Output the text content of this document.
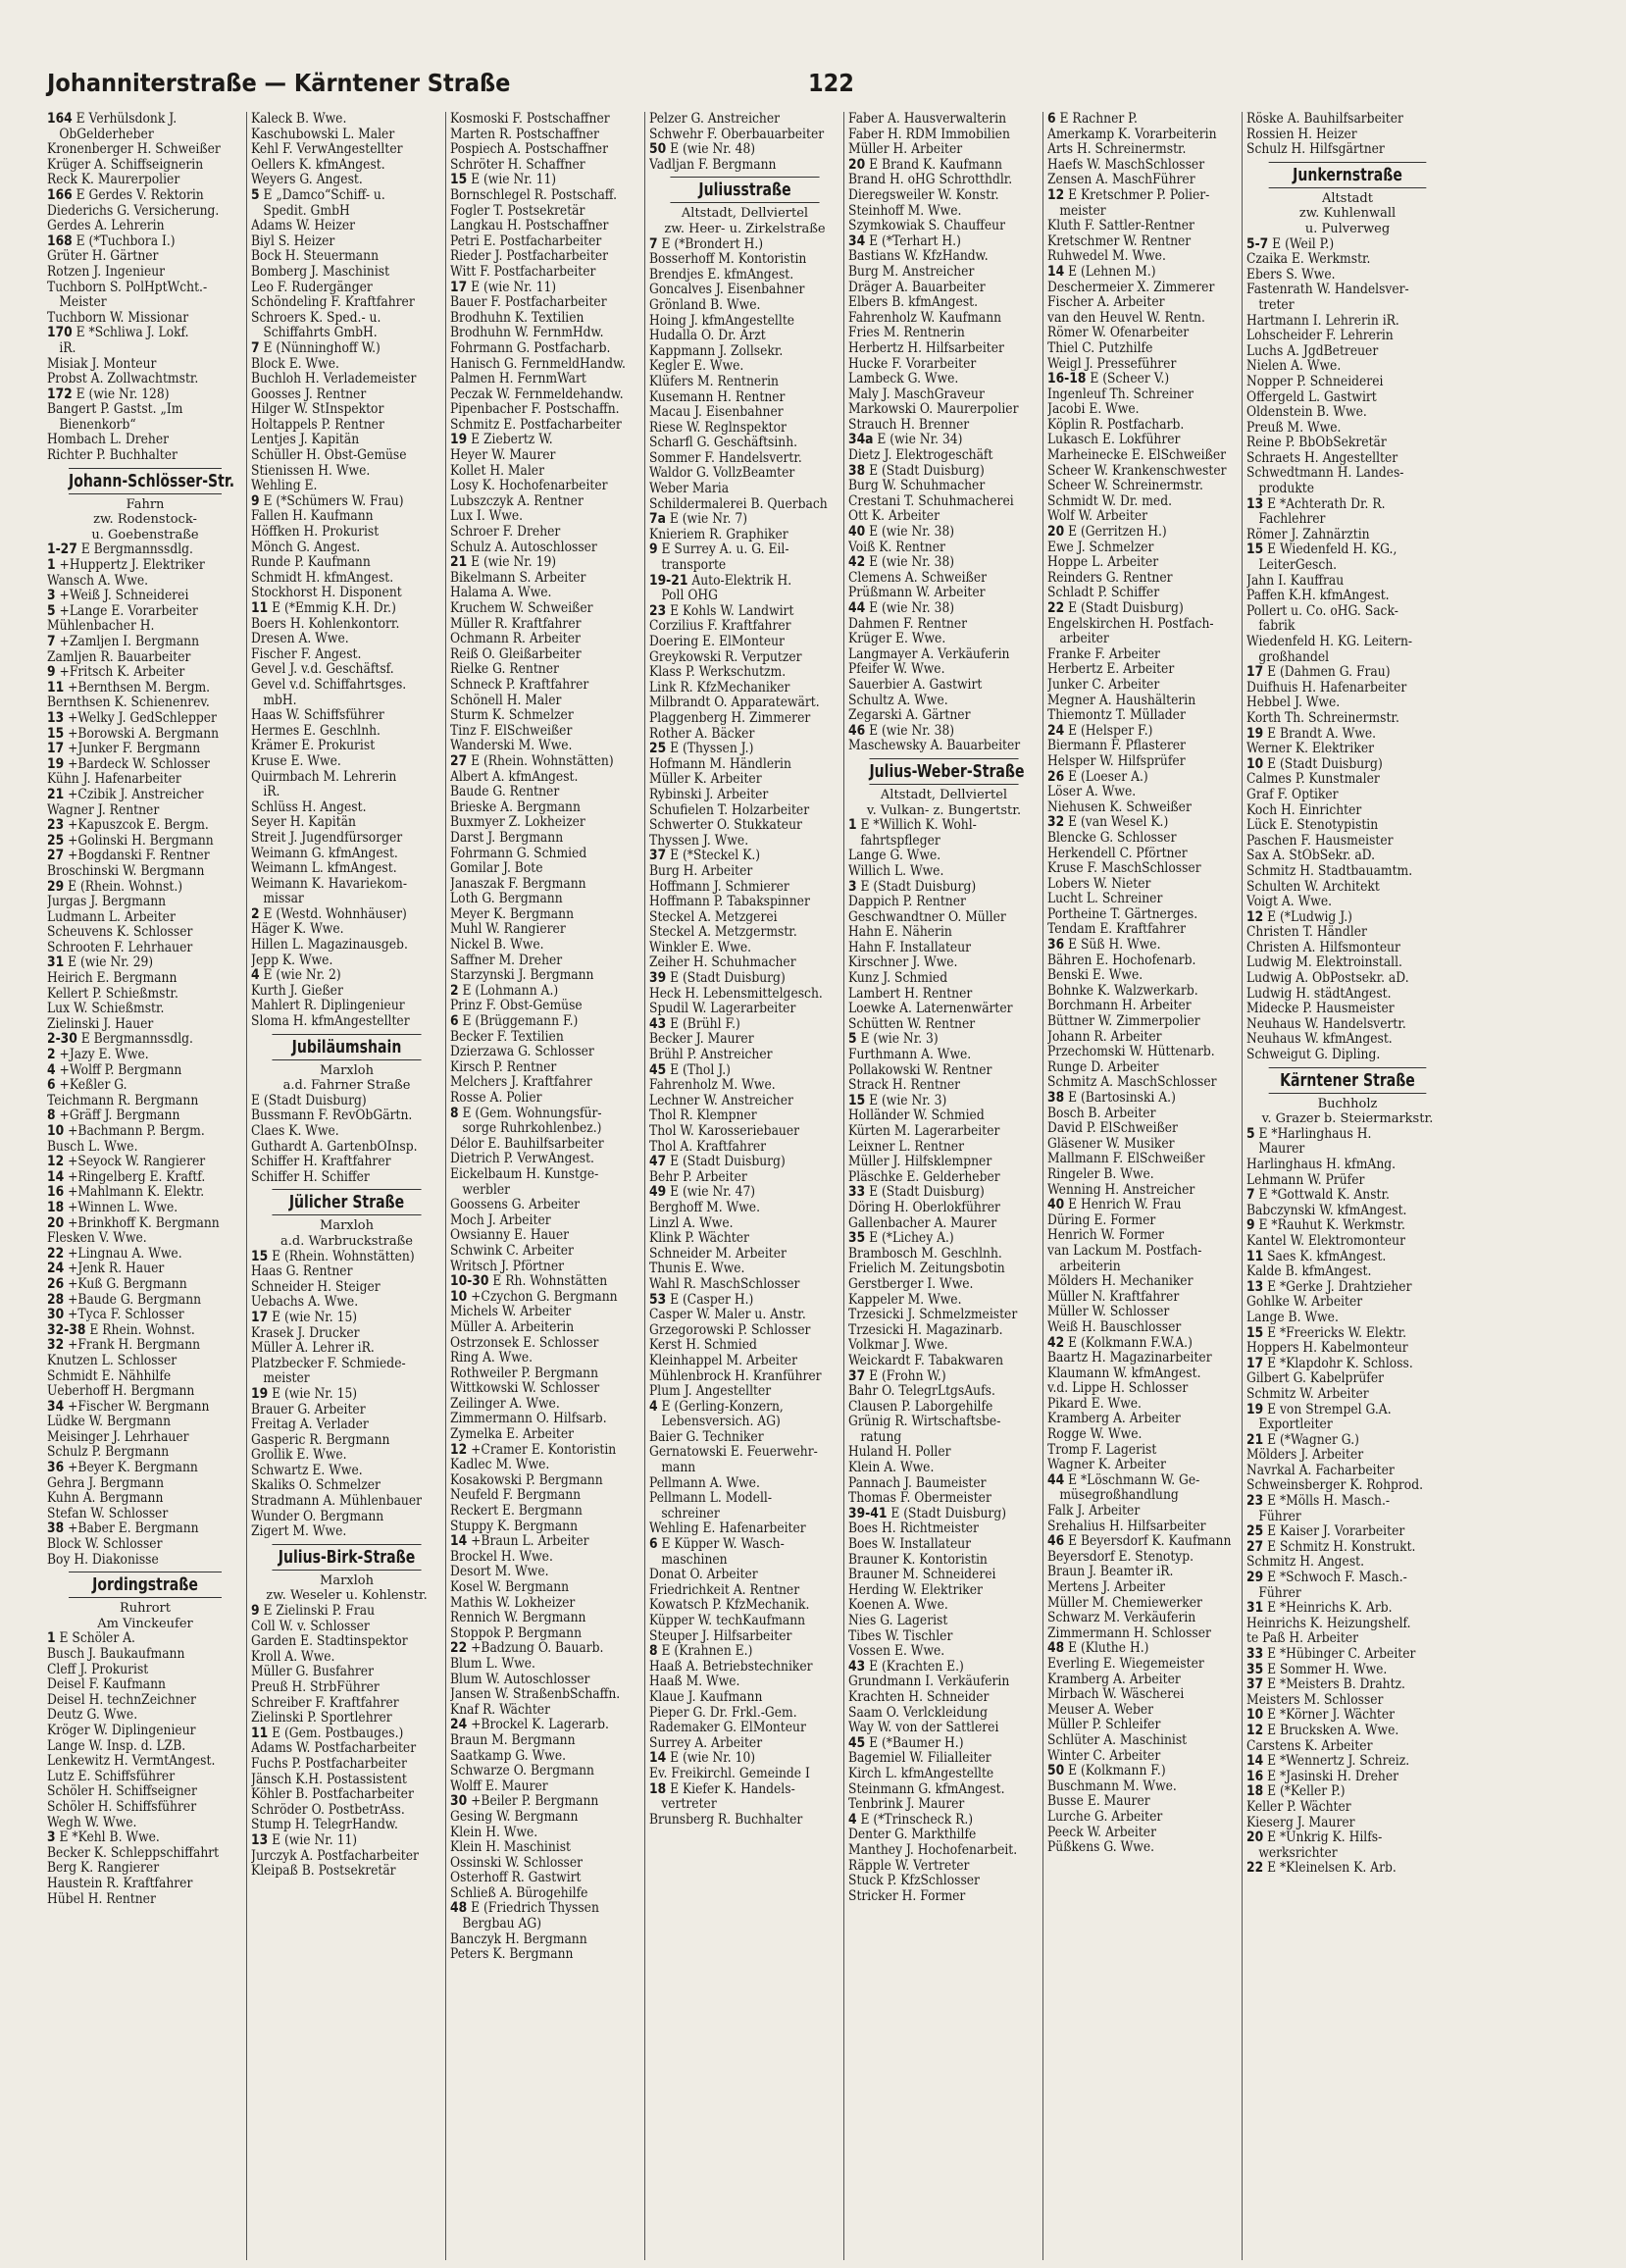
Johanniterstraße — Kärntener Straße	122
164 E Verhülsdonk J.
ObGelderheber
Kronenberger H. Schweißer
Krüger A. Schiffseignerin
Reck K. Maurerpolier
166 E Gerdes V. Rektorin
Diederichs G. Versicherung.
Gerdes A. Lehrerin
168 E (*Tuchbora I.)
Grüter H. Gärtner
Rotzen J. Ingenieur
Tuchborn S. PolHptWcht.-
Meister
Tuchborn W. Missionar
170 E *Schliwa J. Lokf.
iR.
Misiak J. Monteur
Probst A. Zollwachtmstr.
172 E (wie Nr. 128)
Bangert P. Gastst. „Im
Bienenkorb“
Hombach L. Dreher
Richter P. Buchhalter
Johann-Schlösser-Str.
Fahrn
zw. Rodenstock-
u. Goebenstraße
1-27 E Bergmannssdlg.
1 +Huppertz J. Elektriker
Wansch A. Wwe.
3 +Weiß J. Schneiderei
5 +Lange E. Vorarbeiter
Mühlenbacher H.
7 +Zamljen I. Bergmann
Zamljen R. Bauarbeiter
9 +Fritsch K. Arbeiter
11 +Bernthsen M. Bergm.
Bernthsen K. Schienenrev.
13 +Welky J. GedSchlepper
15 +Borowski A. Bergmann
17 +Junker F. Bergmann
19 +Bardeck W. Schlosser
Kühn J. Hafenarbeiter
21 +Czibik J. Anstreicher
Wagner J. Rentner
23 +Kapuszcok E. Bergm.
25 +Golinski H. Bergmann
27 +Bogdanski F. Rentner
Broschinski W. Bergmann
29 E (Rhein. Wohnst.)
Jurgas J. Bergmann
Ludmann L. Arbeiter
Scheuvens K. Schlosser
Schrooten F. Lehrhauer
31 E (wie Nr. 29)
Heirich E. Bergmann
Kellert P. Schießmstr.
Lux W. Schießmstr.
Zielinski J. Hauer
2-30 E Bergmannssdlg.
2 +Jazy E. Wwe.
4 +Wolff P. Bergmann
6 +Keßler G.
Teichmann R. Bergmann
8 +Gräff J. Bergmann
10 +Bachmann P. Bergm.
Busch L. Wwe.
12 +Seyock W. Rangierer
14 +Ringelberg E. Kraftf.
16 +Mahlmann K. Elektr.
18 +Winnen L. Wwe.
20 +Brinkhoff K. Bergmann
Flesken V. Wwe.
22 +Lingnau A. Wwe.
24 +Jenk R. Hauer
26 +Kuß G. Bergmann
28 +Baude G. Bergmann
30 +Tyca F. Schlosser
32-38 E Rhein. Wohnst.
32 +Frank H. Bergmann
Knutzen L. Schlosser
Schmidt E. Nähhilfe
Ueberhoff H. Bergmann
34 +Fischer W. Bergmann
Lüdke W. Bergmann
Meisinger J. Lehrhauer
Schulz P. Bergmann
36 +Beyer K. Bergmann
Gehra J. Bergmann
Kuhn A. Bergmann
Stefan W. Schlosser
38 +Baber E. Bergmann
Block W. Schlosser
Boy H. Diakonisse
Jordingstraße
Ruhrort
Am Vinckeufer
1 E Schöler A.
Busch J. Baukaufmann
Cleff J. Prokurist
Deisel F. Kaufmann
Deisel H. technZeichner
Deutz G. Wwe.
Kröger W. Diplingenieur
Lange W. Insp. d. LZB.
Lenkewitz H. VermtAngest.
Lutz E. Schiffsführer
Schöler H. Schiffseigner
Schöler H. Schiffsführer
Wegh W. Wwe.
3 E *Kehl B. Wwe.
Becker K. Schleppschiffahrt
Berg K. Rangierer
Haustein R. Kraftfahrer
Hübel H. Rentner
Kaleck B. Wwe.
Kaschubowski L. Maler
Kehl F. VerwAngestellter
Oellers K. kfmAngest.
Weyers G. Angest.
5 E „Damco“Schiff- u.
Spedit. GmbH
Adams W. Heizer
Biyl S. Heizer
Bock H. Steuermann
Bomberg J. Maschinist
Leo F. Rudergänger
Schöndeling F. Kraftfahrer
Schroers K. Sped.- u.
Schiffahrts GmbH.
7 E (Nünninghoff W.)
Block E. Wwe.
Buchloh H. Verlademeister
Goosses J. Rentner
Hilger W. StInspektor
Holtappels P. Rentner
Lentjes J. Kapitän
Schüller H. Obst-Gemüse
Stienissen H. Wwe.
Wehling E.
9 E (*Schümers W. Frau)
Fallen H. Kaufmann
Höffken H. Prokurist
Mönch G. Angest.
Runde P. Kaufmann
Schmidt H. kfmAngest.
Stockhorst H. Disponent
11 E (*Emmig K.H. Dr.)
Boers H. Kohlenkontorr.
Dresen A. Wwe.
Fischer F. Angest.
Gevel J. v.d. Geschäftsf.
Gevel v.d. Schiffahrtsges.
mbH.
Haas W. Schiffsführer
Hermes E. Geschlnh.
Krämer E. Prokurist
Kruse E. Wwe.
Quirmbach M. Lehrerin
iR.
Schlüss H. Angest.
Seyer H. Kapitän
Streit J. Jugendfürsorger
Weimann G. kfmAngest.
Weimann L. kfmAngest.
Weimann K. Havariekom-
missar
2 E (Westd. Wohnhäuser)
Häger K. Wwe.
Hillen L. Magazinausgeb.
Jepp K. Wwe.
4 E (wie Nr. 2)
Kurth J. Gießer
Mahlert R. Diplingenieur
Sloma H. kfmAngestellter
Jubiläumshain
Marxloh
a.d. Fahrner Straße
E (Stadt Duisburg)
Bussmann F. RevObGärtn.
Claes K. Wwe.
Guthardt A. GartenbOInsp.
Schiffer H. Kraftfahrer
Schiffer H. Schiffer
Jülicher Straße
Marxloh
a.d. Warbruckstraße
15 E (Rhein. Wohnstätten)
Haas G. Rentner
Schneider H. Steiger
Uebachs A. Wwe.
17 E (wie Nr. 15)
Krasek J. Drucker
Müller A. Lehrer iR.
Platzbecker F. Schmiede-
meister
19 E (wie Nr. 15)
Brauer G. Arbeiter
Freitag A. Verlader
Gasperic R. Bergmann
Grollik E. Wwe.
Schwartz E. Wwe.
Skaliks O. Schmelzer
Stradmann A. Mühlenbauer
Wunder O. Bergmann
Zigert M. Wwe.
Julius-Birk-Straße
Marxloh
zw. Weseler u. Kohlenstr.
9 E Zielinski P. Frau
Coll W. v. Schlosser
Garden E. Stadtinspektor
Kroll A. Wwe.
Müller G. Busfahrer
Preuß H. StrbFührer
Schreiber F. Kraftfahrer
Zielinski P. Sportlehrer
11 E (Gem. Postbauges.)
Adams W. Postfacharbeiter
Fuchs P. Postfacharbeiter
Jänsch K.H. Postassistent
Köhler B. Postfacharbeiter
Schröder O. PostbetrAss.
Stump H. TelegrHandw.
13 E (wie Nr. 11)
Jurczyk A. Postfacharbeiter
Kleipaß B. Postsekretär
Kosmoski F. Postschaffner
Marten R. Postschaffner
Pospiech A. Postschaffner
Schröter H. Schaffner
15 E (wie Nr. 11)
Bornschlegel R. Postschaff.
Fogler T. Postsekretär
Langkau H. Postschaffner
Petri E. Postfacharbeiter
Rieder J. Postfacharbeiter
Witt F. Postfacharbeiter
17 E (wie Nr. 11)
Bauer F. Postfacharbeiter
Brodhuhn K. Textilien
Brodhuhn W. FernmHdw.
Fohrmann G. Postfacharb.
Hanisch G. FernmeldHandw.
Palmen H. FernmWart
Peczak W. Fernmeldehandw.
Pipenbacher F. Postschaffn.
Schmitz E. Postfacharbeiter
19 E Ziebertz W.
Heyer W. Maurer
Kollet H. Maler
Losy K. Hochofenarbeiter
Lubszczyk A. Rentner
Lux I. Wwe.
Schroer F. Dreher
Schulz A. Autoschlosser
21 E (wie Nr. 19)
Bikelmann S. Arbeiter
Halama A. Wwe.
Kruchem W. Schweißer
Müller R. Kraftfahrer
Ochmann R. Arbeiter
Reiß O. Gleißarbeiter
Rielke G. Rentner
Schneck P. Kraftfahrer
Schönell H. Maler
Sturm K. Schmelzer
Tinz F. ElSchweißer
Wanderski M. Wwe.
27 E (Rhein. Wohnstätten)
Albert A. kfmAngest.
Baude G. Rentner
Brieske A. Bergmann
Buxmyer Z. Lokheizer
Darst J. Bergmann
Fohrmann G. Schmied
Gomilar J. Bote
Janaszak F. Bergmann
Loth G. Bergmann
Meyer K. Bergmann
Muhl W. Rangierer
Nickel B. Wwe.
Saffner M. Dreher
Starzynski J. Bergmann
2 E (Lohmann A.)
Prinz F. Obst-Gemüse
6 E (Brüggemann F.)
Becker F. Textilien
Dzierzawa G. Schlosser
Kirsch P. Rentner
Melchers J. Kraftfahrer
Rosse A. Polier
8 E (Gem. Wohnungsfür-
sorge Ruhrkohlenbez.)
Délor E. Bauhilfsarbeiter
Dietrich P. VerwAngest.
Eickelbaum H. Kunstge-
werbler
Goossens G. Arbeiter
Moch J. Arbeiter
Owsianny E. Hauer
Schwink C. Arbeiter
Writsch J. Pförtner
10-30 E Rh. Wohnstätten
10 +Czychon G. Bergmann
Michels W. Arbeiter
Müller A. Arbeiterin
Ostrzonsek E. Schlosser
Ring A. Wwe.
Rothweiler P. Bergmann
Wittkowski W. Schlosser
Zeilinger A. Wwe.
Zimmermann O. Hilfsarb.
Zymelka E. Arbeiter
12 +Cramer E. Kontoristin
Kadlec M. Wwe.
Kosakowski P. Bergmann
Neufeld F. Bergmann
Reckert E. Bergmann
Stuppy K. Bergmann
14 +Braun L. Arbeiter
Brockel H. Wwe.
Desort M. Wwe.
Kosel W. Bergmann
Mathis W. Lokheizer
Rennich W. Bergmann
Stoppok P. Bergmann
22 +Badzung O. Bauarb.
Blum L. Wwe.
Blum W. Autoschlosser
Jansen W. StraßenbSchaffn.
Knaf R. Wächter
24 +Brockel K. Lagerarb.
Braun M. Bergmann
Saatkamp G. Wwe.
Schwarze O. Bergmann
Wolff E. Maurer
30 +Beiler P. Bergmann
Gesing W. Bergmann
Klein H. Wwe.
Klein H. Maschinist
Ossinski W. Schlosser
Osterhoff R. Gastwirt
Schließ A. Bürogehilfe
48 E (Friedrich Thyssen
Bergbau AG)
Banczyk H. Bergmann
Peters K. Bergmann
Pelzer G. Anstreicher
Schwehr F. Oberbauarbeiter
50 E (wie Nr. 48)
Vadljan F. Bergmann
Juliusstraße
Altstadt, Dellviertel
zw. Heer- u. Zirkelstraße
7 E (*Brondert H.)
Bosserhoff M. Kontoristin
Brendjes E. kfmAngest.
Goncalves J. Eisenbahner
Grönland B. Wwe.
Hoing J. kfmAngestellte
Hudalla O. Dr. Arzt
Kappmann J. Zollsekr.
Kegler E. Wwe.
Klüfers M. Rentnerin
Kusemann H. Rentner
Macau J. Eisenbahner
Riese W. Reglnspektor
Scharfl G. Geschäftsinh.
Sommer F. Handelsvertr.
Waldor G. VollzBeamter
Weber Maria
Schildermalerei B. Querbach
7a E (wie Nr. 7)
Knieriem R. Graphiker
9 E Surrey A. u. G. Eil-
transporte
19-21 Auto-Elektrik H.
Poll OHG
23 E Kohls W. Landwirt
Corzilius F. Kraftfahrer
Doering E. ElMonteur
Greykowski R. Verputzer
Klass P. Werkschutzm.
Link R. KfzMechaniker
Milbrandt O. Apparatewärt.
Plaggenberg H. Zimmerer
Rother A. Bäcker
25 E (Thyssen J.)
Hofmann M. Händlerin
Müller K. Arbeiter
Rybinski J. Arbeiter
Schufielen T. Holzarbeiter
Schwerter O. Stukkateur
Thyssen J. Wwe.
37 E (*Steckel K.)
Burg H. Arbeiter
Hoffmann J. Schmierer
Hoffmann P. Tabakspinner
Steckel A. Metzgerei
Steckel A. Metzgermstr.
Winkler E. Wwe.
Zeiher H. Schuhmacher
39 E (Stadt Duisburg)
Heck H. Lebensmittelgesch.
Spudil W. Lagerarbeiter
43 E (Brühl F.)
Becker J. Maurer
Brühl P. Anstreicher
45 E (Thol J.)
Fahrenholz M. Wwe.
Lechner W. Anstreicher
Thol R. Klempner
Thol W. Karosseriebauer
Thol A. Kraftfahrer
47 E (Stadt Duisburg)
Behr P. Arbeiter
49 E (wie Nr. 47)
Berghoff M. Wwe.
Linzl A. Wwe.
Klink P. Wächter
Schneider M. Arbeiter
Thunis E. Wwe.
Wahl R. MaschSchlosser
53 E (Casper H.)
Casper W. Maler u. Anstr.
Grzegorowski P. Schlosser
Kerst H. Schmied
Kleinhappel M. Arbeiter
Mühlenbrock H. Kranführer
Plum J. Angestellter
4 E (Gerling-Konzern,
Lebensversich. AG)
Baier G. Techniker
Gernatowski E. Feuerwehr-
mann
Pellmann A. Wwe.
Pellmann L. Modell-
schreiner
Wehling E. Hafenarbeiter
6 E Küpper W. Wasch-
maschinen
Donat O. Arbeiter
Friedrichkeit A. Rentner
Kowatsch P. KfzMechanik.
Küpper W. techKaufmann
Steuper J. Hilfsarbeiter
8 E (Krahnen E.)
Haaß A. Betriebstechniker
Haaß M. Wwe.
Klaue J. Kaufmann
Pieper G. Dr. Frkl.-Gem.
Rademaker G. ElMonteur
Surrey A. Arbeiter
14 E (wie Nr. 10)
Ev. Freikirchl. Gemeinde I
18 E Kiefer K. Handels-
vertreter
Brunsberg R. Buchhalter
Faber A. Hausverwalterin
Faber H. RDM Immobilien
Müller H. Arbeiter
20 E Brand K. Kaufmann
Brand H. oHG Schrotthdlr.
Dieregsweiler W. Konstr.
Steinhoff M. Wwe.
Szymkowiak S. Chauffeur
34 E (*Terhart H.)
Bastians W. KfzHandw.
Burg M. Anstreicher
Dräger A. Bauarbeiter
Elbers B. kfmAngest.
Fahrenholz W. Kaufmann
Fries M. Rentnerin
Herbertz H. Hilfsarbeiter
Hucke F. Vorarbeiter
Lambeck G. Wwe.
Maly J. MaschGraveur
Markowski O. Maurerpolier
Strauch H. Brenner
34a E (wie Nr. 34)
Dietz J. Elektrogeschäft
38 E (Stadt Duisburg)
Burg W. Schuhmacher
Crestani T. Schuhmacherei
Ott K. Arbeiter
40 E (wie Nr. 38)
Voiß K. Rentner
42 E (wie Nr. 38)
Clemens A. Schweißer
Prüßmann W. Arbeiter
44 E (wie Nr. 38)
Dahmen F. Rentner
Krüger E. Wwe.
Langmayer A. Verkäuferin
Pfeifer W. Wwe.
Sauerbier A. Gastwirt
Schultz A. Wwe.
Zegarski A. Gärtner
46 E (wie Nr. 38)
Maschewsky A. Bauarbeiter
Julius-Weber-Straße
Altstadt, Dellviertel
v. Vulkan- z. Bungertstr.
1 E *Willich K. Wohl-
fahrtspfleger
Lange G. Wwe.
Willich L. Wwe.
3 E (Stadt Duisburg)
Dappich P. Rentner
Geschwandtner O. Müller
Hahn E. Näherin
Hahn F. Installateur
Kirschner J. Wwe.
Kunz J. Schmied
Lambert H. Rentner
Loewke A. Laternenwärter
Schütten W. Rentner
5 E (wie Nr. 3)
Furthmann A. Wwe.
Pollakowski W. Rentner
Strack H. Rentner
15 E (wie Nr. 3)
Holländer W. Schmied
Kürten M. Lagerarbeiter
Leixner L. Rentner
Müller J. Hilfsklempner
Pläschke E. Gelderheber
33 E (Stadt Duisburg)
Döring H. Oberlokführer
Gallenbacher A. Maurer
35 E (*Lichey A.)
Brambosch M. Geschlnh.
Frielich M. Zeitungsbotin
Gerstberger I. Wwe.
Kappeler M. Wwe.
Trzesicki J. Schmelzmeister
Trzesicki H. Magazinarb.
Volkmar J. Wwe.
Weickardt F. Tabakwaren
37 E (Frohn W.)
Bahr O. TelegrLtgsAufs.
Clausen P. Laborgehilfe
Grünig R. Wirtschaftsbe-
ratung
Huland H. Poller
Klein A. Wwe.
Pannach J. Baumeister
Thomas F. Obermeister
39-41 E (Stadt Duisburg)
Boes H. Richtmeister
Boes W. Installateur
Brauner K. Kontoristin
Brauner M. Schneiderei
Herding W. Elektriker
Koenen A. Wwe.
Nies G. Lagerist
Tibes W. Tischler
Vossen E. Wwe.
43 E (Krachten E.)
Grundmann I. Verkäuferin
Krachten H. Schneider
Saam O. Verlckleidung
Way W. von der Sattlerei
45 E (*Baumer H.)
Bagemiel W. Filialleiter
Kirch L. kfmAngestellte
Steinmann G. kfmAngest.
Tenbrink J. Maurer
4 E (*Trinscheck R.)
Denter G. Markthilfe
Manthey J. Hochofenarbeit.
Räpple W. Vertreter
Stuck P. KfzSchlosser
Stricker H. Former
6 E Rachner P.
Amerkamp K. Vorarbeiterin
Arts H. Schreinermstr.
Haefs W. MaschSchlosser
Zensen A. MaschFührer
12 E Kretschmer P. Polier-
meister
Kluth F. Sattler-Rentner
Kretschmer W. Rentner
Ruhwedel M. Wwe.
14 E (Lehnen M.)
Deschermeier X. Zimmerer
Fischer A. Arbeiter
van den Heuvel W. Rentn.
Römer W. Ofenarbeiter
Thiel C. Putzhilfe
Weigl J. Presseführer
16-18 E (Scheer V.)
Ingenleuf Th. Schreiner
Jacobi E. Wwe.
Köplin R. Postfacharb.
Lukasch E. Lokführer
Marheinecke E. ElSchweißer
Scheer W. Krankenschwester
Scheer W. Schreinermstr.
Schmidt W. Dr. med.
Wolf W. Arbeiter
20 E (Gerritzen H.)
Ewe J. Schmelzer
Hoppe L. Arbeiter
Reinders G. Rentner
Schladt P. Schiffer
22 E (Stadt Duisburg)
Engelskirchen H. Postfach-
arbeiter
Franke F. Arbeiter
Herbertz E. Arbeiter
Junker C. Arbeiter
Megner A. Haushälterin
Thiemontz T. Müllader
24 E (Helsper F.)
Biermann F. Pflasterer
Helsper W. Hilfsprüfer
26 E (Loeser A.)
Löser A. Wwe.
Niehusen K. Schweißer
32 E (van Wesel K.)
Blencke G. Schlosser
Herkendell C. Pförtner
Kruse F. MaschSchlosser
Lobers W. Nieter
Lucht L. Schreiner
Portheine T. Gärtnerges.
Tendam E. Kraftfahrer
36 E Süß H. Wwe.
Bähren E. Hochofenarb.
Benski E. Wwe.
Bohnke K. Walzwerkarb.
Borchmann H. Arbeiter
Büttner W. Zimmerpolier
Johann R. Arbeiter
Przechomski W. Hüttenarb.
Runge D. Arbeiter
Schmitz A. MaschSchlosser
38 E (Bartosinski A.)
Bosch B. Arbeiter
David P. ElSchweißer
Gläsener W. Musiker
Mallmann F. ElSchweißer
Ringeler B. Wwe.
Wenning H. Anstreicher
40 E Henrich W. Frau
Düring E. Former
Henrich W. Former
van Lackum M. Postfach-
arbeiterin
Mölders H. Mechaniker
Müller N. Kraftfahrer
Müller W. Schlosser
Weiß H. Bauschlosser
42 E (Kolkmann F.W.A.)
Baartz H. Magazinarbeiter
Klaumann W. kfmAngest.
v.d. Lippe H. Schlosser
Pikard E. Wwe.
Kramberg A. Arbeiter
Rogge W. Wwe.
Tromp F. Lagerist
Wagner K. Arbeiter
44 E *Löschmann W. Ge-
müsegroßhandlung
Falk J. Arbeiter
Srehalius H. Hilfsarbeiter
46 E Beyersdorf K. Kaufmann
Beyersdorf E. Stenotyp.
Braun J. Beamter iR.
Mertens J. Arbeiter
Müller M. Chemiewerker
Schwarz M. Verkäuferin
Zimmermann H. Schlosser
48 E (Kluthe H.)
Everling E. Wiegemeister
Kramberg A. Arbeiter
Mirbach W. Wäscherei
Meuser A. Weber
Müller P. Schleifer
Schlüter A. Maschinist
Winter C. Arbeiter
50 E (Kolkmann F.)
Buschmann M. Wwe.
Busse E. Maurer
Lurche G. Arbeiter
Peeck W. Arbeiter
Püßkens G. Wwe.
Röske A. Bauhilfsarbeiter
Rossien H. Heizer
Schulz H. Hilfsgärtner
Junkernstraße
Altstadt
zw. Kuhlenwall
u. Pulverweg
5-7 E (Weil P.)
Czaika E. Werkmstr.
Ebers S. Wwe.
Fastenrath W. Handelsver-
treter
Hartmann I. Lehrerin iR.
Lohscheider F. Lehrerin
Luchs A. JgdBetreuer
Nielen A. Wwe.
Nopper P. Schneiderei
Offergeld L. Gastwirt
Oldenstein B. Wwe.
Preuß M. Wwe.
Reine P. BbObSekretär
Schraets H. Angestellter
Schwedtmann H. Landes-
produkte
13 E *Achterath Dr. R.
Fachlehrer
Römer J. Zahnärztin
15 E Wiedenfeld H. KG.,
LeiterGesch.
Jahn I. Kauffrau
Paffen K.H. kfmAngest.
Pollert u. Co. oHG. Sack-
fabrik
Wiedenfeld H. KG. Leitern-
großhandel
17 E (Dahmen G. Frau)
Duifhuis H. Hafenarbeiter
Hebbel J. Wwe.
Korth Th. Schreinermstr.
19 E Brandt A. Wwe.
Werner K. Elektriker
10 E (Stadt Duisburg)
Calmes P. Kunstmaler
Graf F. Optiker
Koch H. Einrichter
Lück E. Stenotypistin
Paschen F. Hausmeister
Sax A. StObSekr. aD.
Schmitz H. Stadtbauamtm.
Schulten W. Architekt
Voigt A. Wwe.
12 E (*Ludwig J.)
Christen T. Händler
Christen A. Hilfsmonteur
Ludwig M. Elektroinstall.
Ludwig A. ObPostsekr. aD.
Ludwig H. städtAngest.
Midecke P. Hausmeister
Neuhaus W. Handelsvertr.
Neuhaus W. kfmAngest.
Schweigut G. Dipling.
Kärntener Straße
Buchholz
v. Grazer b. Steiermarkstr.
5 E *Harlinghaus H.
Maurer
Harlinghaus H. kfmAng.
Lehmann W. Prüfer
7 E *Gottwald K. Anstr.
Babczynski W. kfmAngest.
9 E *Rauhut K. Werkmstr.
Kantel W. Elektromonteur
11 Saes K. kfmAngest.
Kalde B. kfmAngest.
13 E *Gerke J. Drahtzieher
Gohlke W. Arbeiter
Lange B. Wwe.
15 E *Freericks W. Elektr.
Hoppers H. Kabelmonteur
17 E *Klapdohr K. Schloss.
Gilbert G. Kabelprüfer
Schmitz W. Arbeiter
19 E von Strempel G.A.
Exportleiter
21 E (*Wagner G.)
Mölders J. Arbeiter
Navrkal A. Facharbeiter
Schweinsberger K. Rohprod.
23 E *Mölls H. Masch.-
Führer
25 E Kaiser J. Vorarbeiter
27 E Schmitz H. Konstrukt.
Schmitz H. Angest.
29 E *Schwoch F. Masch.-
Führer
31 E *Heinrichs K. Arb.
Heinrichs K. Heizungshelf.
te Paß H. Arbeiter
33 E *Hübinger C. Arbeiter
35 E Sommer H. Wwe.
37 E *Meisters B. Drahtz.
Meisters M. Schlosser
10 E *Körner J. Wächter
12 E Brucksken A. Wwe.
Carstens K. Arbeiter
14 E *Wennertz J. Schreiz.
16 E *Jasinski H. Dreher
18 E (*Keller P.)
Keller P. Wächter
Kieserg J. Maurer
20 E *Unkrig K. Hilfs-
werksrichter
22 E *Kleinelsen K. Arb.
